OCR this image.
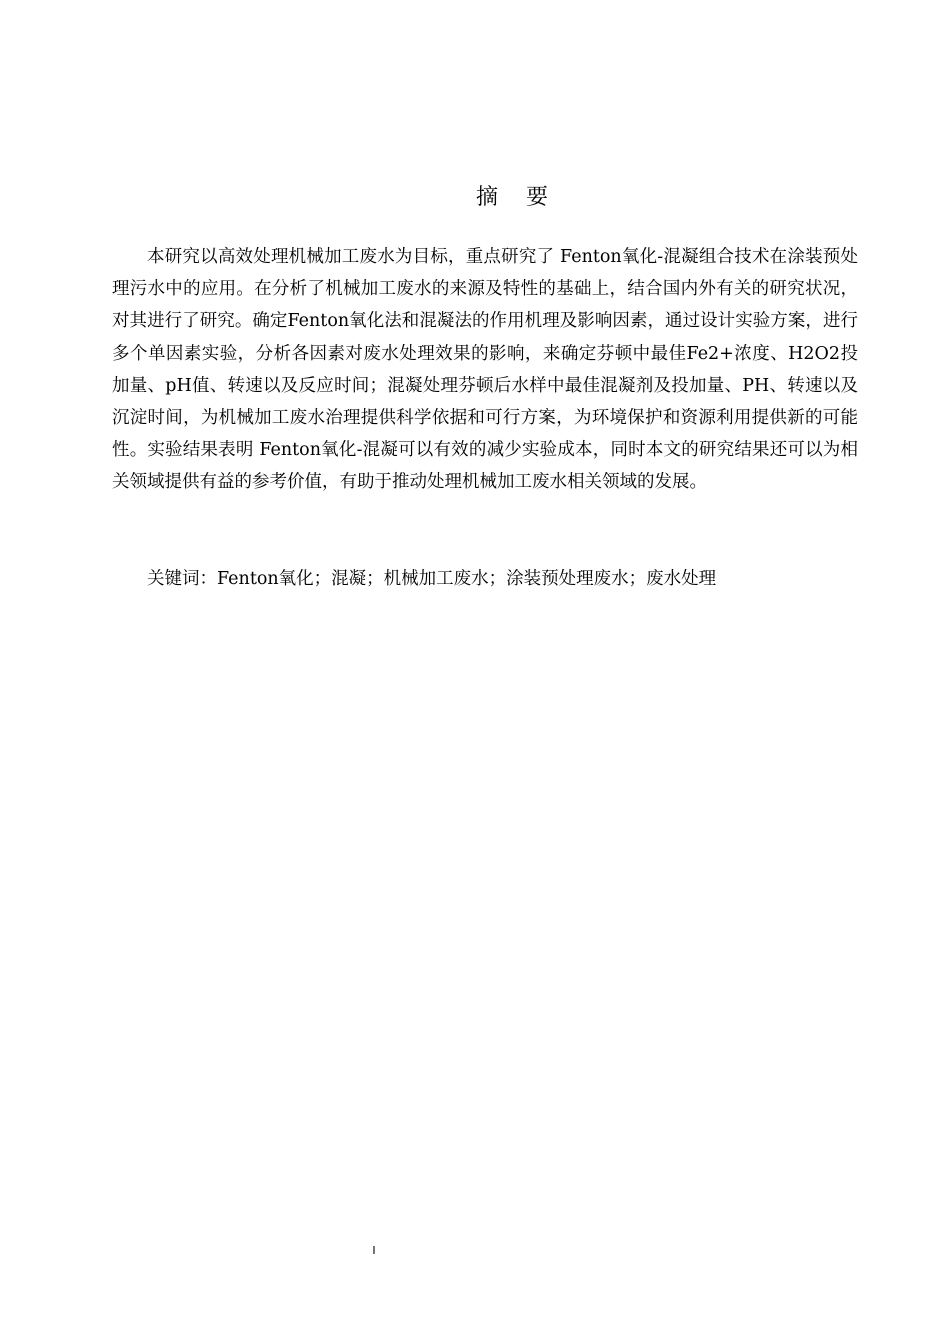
摘    要

本研究以高效处理机械加工废水为目标，重点研究了 Fenton氧化-混凝组合技术在涂装预处理污水中的应用。在分析了机械加工废水的来源及特性的基础上，结合国内外有关的研究状况，对其进行了研究。确定Fenton氧化法和混凝法的作用机理及影响因素，通过设计实验方案，进行多个单因素实验，分析各因素对废水处理效果的影响，来确定芬顿中最佳Fe2+浓度、H2O2投加量、pH值、转速以及反应时间；混凝处理芬顿后水样中最佳混凝剂及投加量、PH、转速以及沉淀时间，为机械加工废水治理提供科学依据和可行方案，为环境保护和资源利用提供新的可能性。实验结果表明 Fenton氧化-混凝可以有效的减少实验成本，同时本文的研究结果还可以为相关领域提供有益的参考价值，有助于推动处理机械加工废水相关领域的发展。

关键词：Fenton氧化；混凝；机械加工废水；涂装预处理废水；废水处理

I
